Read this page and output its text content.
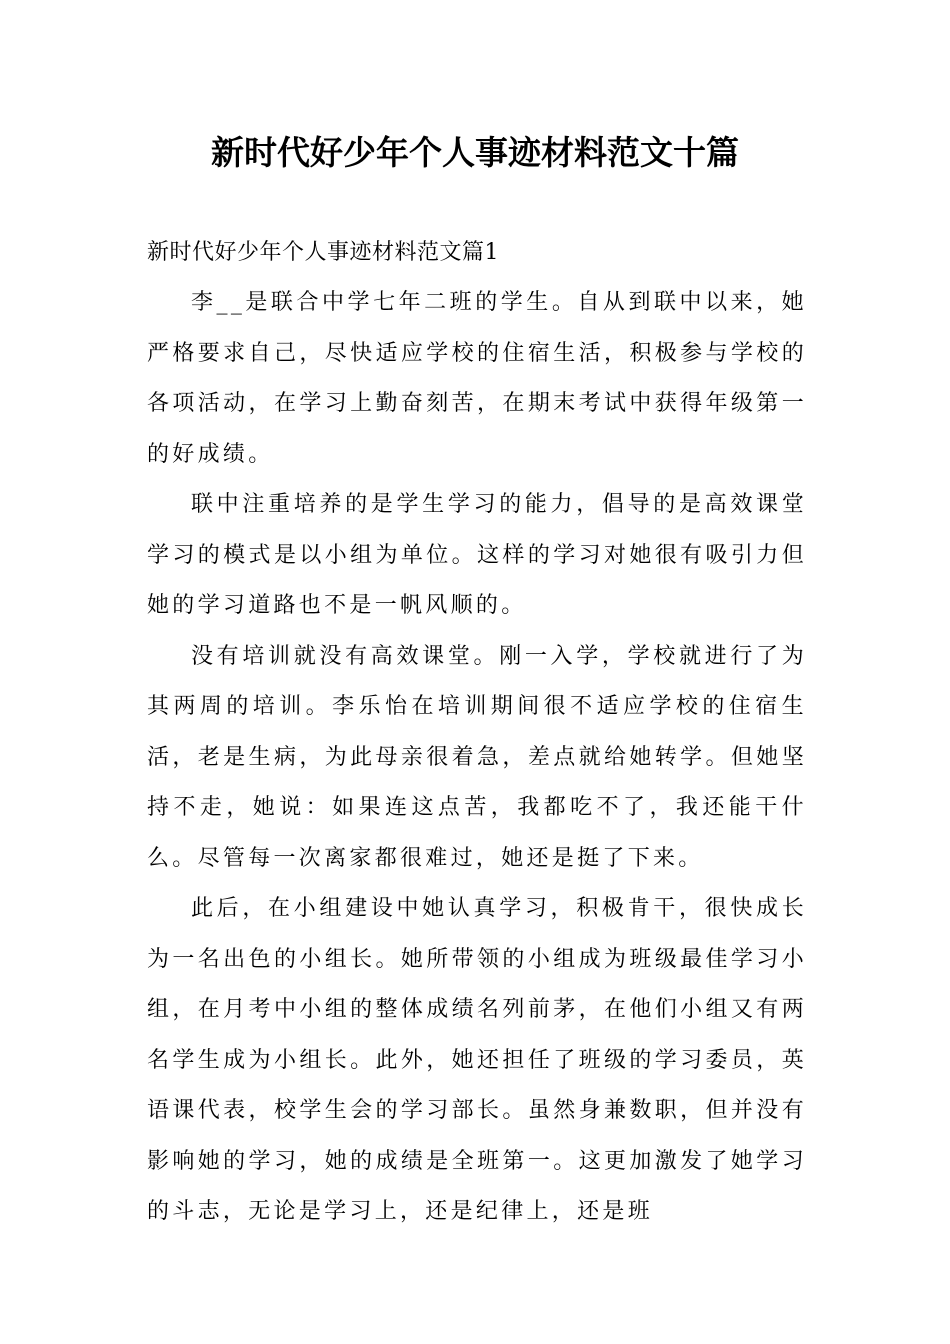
新时代好少年个人事迹材料范文十篇

新时代好少年个人事迹材料范文篇1

李__是联合中学七年二班的学生。自从到联中以来，她严格要求自己，尽快适应学校的住宿生活，积极参与学校的各项活动，在学习上勤奋刻苦，在期末考试中获得年级第一的好成绩。

联中注重培养的是学生学习的能力，倡导的是高效课堂学习的模式是以小组为单位。这样的学习对她很有吸引力但她的学习道路也不是一帆风顺的。

没有培训就没有高效课堂。刚一入学，学校就进行了为其两周的培训。李乐怡在培训期间很不适应学校的住宿生活，老是生病，为此母亲很着急，差点就给她转学。但她坚持不走，她说：如果连这点苦，我都吃不了，我还能干什么。尽管每一次离家都很难过，她还是挺了下来。

此后，在小组建设中她认真学习，积极肯干，很快成长为一名出色的小组长。她所带领的小组成为班级最佳学习小组，在月考中小组的整体成绩名列前茅，在他们小组又有两名学生成为小组长。此外，她还担任了班级的学习委员，英语课代表，校学生会的学习部长。虽然身兼数职，但并没有影响她的学习，她的成绩是全班第一。这更加激发了她学习的斗志，无论是学习上，还是纪律上，还是班
